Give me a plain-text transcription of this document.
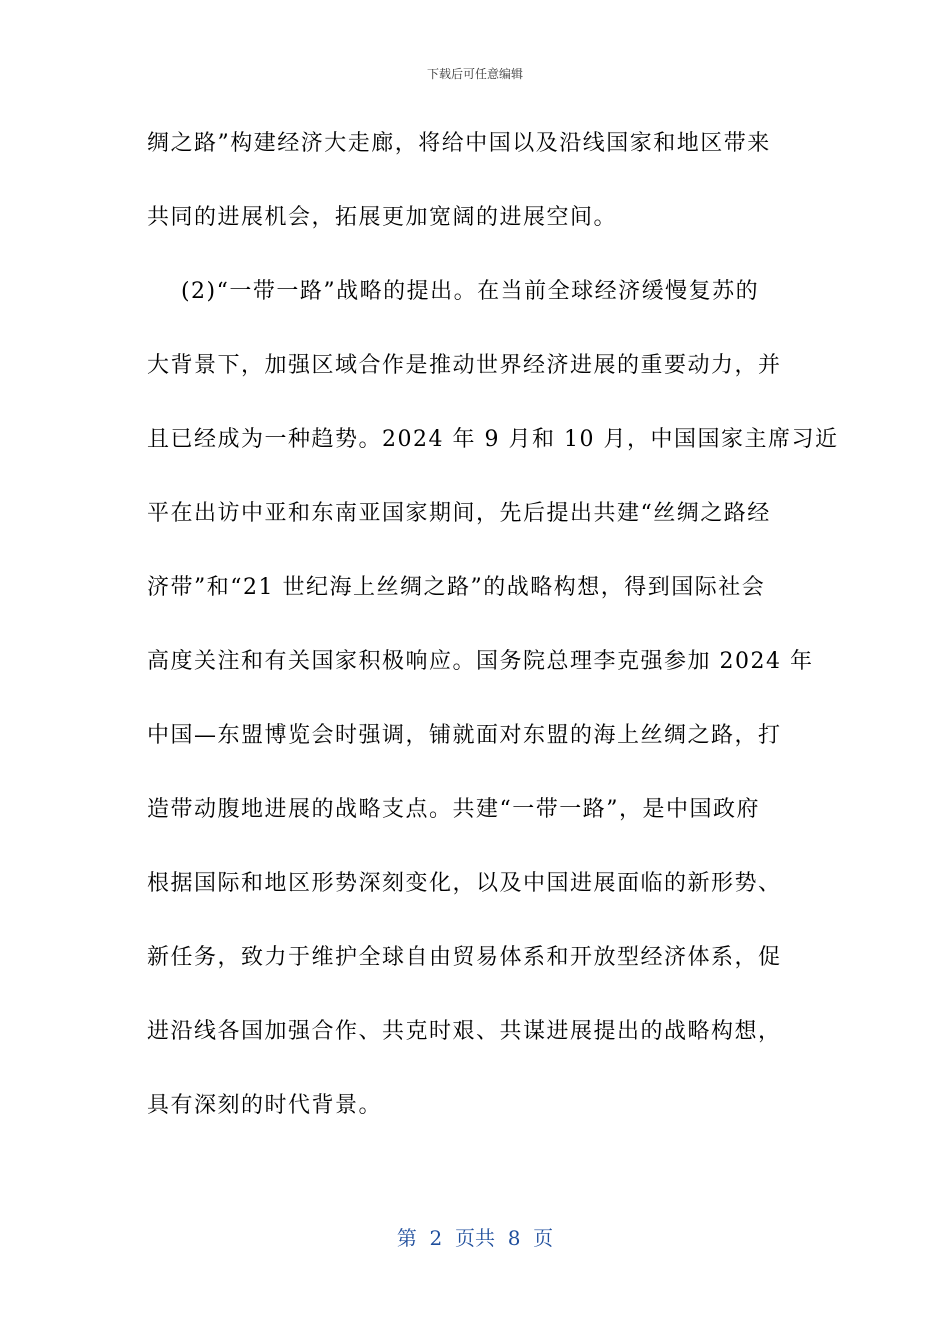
下载后可任意编辑
绸之路”构建经济大走廊，将给中国以及沿线国家和地区带来
共同的进展机会，拓展更加宽阔的进展空间。
(2)“一带一路”战略的提出。在当前全球经济缓慢复苏的
大背景下，加强区域合作是推动世界经济进展的重要动力，并
且已经成为一种趋势。2024 年 9 月和 10 月，中国国家主席习近
平在出访中亚和东南亚国家期间，先后提出共建“丝绸之路经
济带”和“21 世纪海上丝绸之路”的战略构想，得到国际社会
高度关注和有关国家积极响应。国务院总理李克强参加 2024 年
中国—东盟博览会时强调，铺就面对东盟的海上丝绸之路，打
造带动腹地进展的战略支点。共建“一带一路”，是中国政府
根据国际和地区形势深刻变化，以及中国进展面临的新形势、
新任务，致力于维护全球自由贸易体系和开放型经济体系，促
进沿线各国加强合作、共克时艰、共谋进展提出的战略构想，
具有深刻的时代背景。
第  2  页共  8  页
